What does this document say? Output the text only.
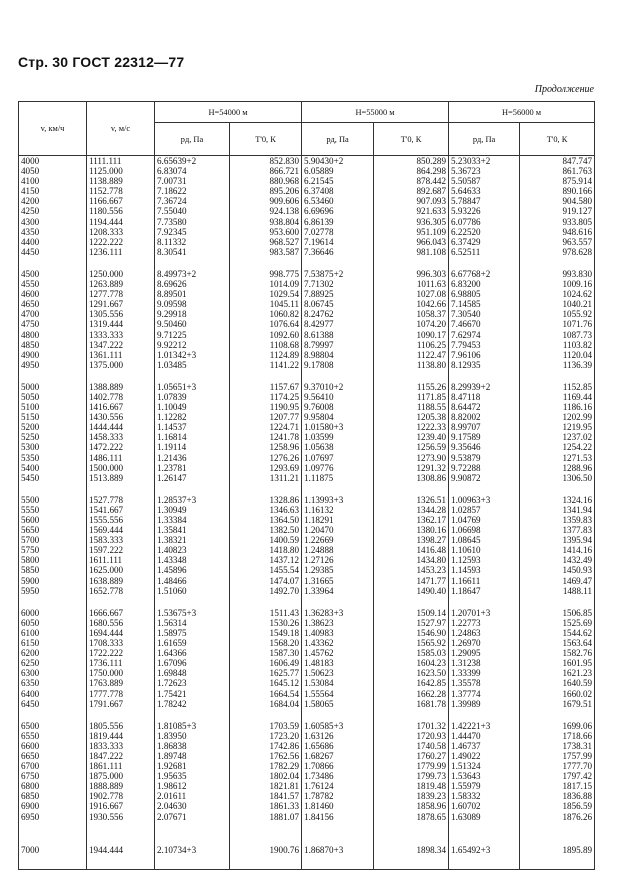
Стр. 30 ГОСТ 22312—77
Продолжение
v, км/ч	v, м/с	H=54000 м		H=55000 м		H=56000 м	
		pд, Па	T'0, К	pд, Па	T'0, К	pд, Па	T'0, К
4000	1111.111	6.65639+2	852.830	5.90430+2	850.289	5.23033+2	847.747
4050	1125.000	6.83074	866.721	6.05889	864.298	5.36723	861.763
4100	1138.889	7.00731	880.968	6.21545	878.442	5.50587	875.914
4150	1152.778	7.18622	895.206	6.37408	892.687	5.64633	890.166
4200	1166.667	7.36724	909.606	6.53460	907.093	5.78847	904.580
4250	1180.556	7.55040	924.138	6.69696	921.633	5.93226	919.127
4300	1194.444	7.73580	938.804	6.86139	936.305	6.07786	933.805
4350	1208.333	7.92345	953.600	7.02778	951.109	6.22520	948.616
4400	1222.222	8.11332	968.527	7.19614	966.043	6.37429	963.557
4450	1236.111	8.30541	983.587	7.36646	981.108	6.52511	978.628

4500	1250.000	8.49973+2	998.775	7.53875+2	996.303	6.67768+2	993.830
4550	1263.889	8.69626	1014.09	7.71302	1011.63	6.83200	1009.16
4600	1277.778	8.89501	1029.54	7.88925	1027.08	6.98805	1024.62
4650	1291.667	9.09598	1045.11	8.06745	1042.66	7.14585	1040.21
4700	1305.556	9.29918	1060.82	8.24762	1058.37	7.30540	1055.92
4750	1319.444	9.50460	1076.64	8.42977	1074.20	7.46670	1071.76
4800	1333.333	9.71225	1092.60	8.61388	1090.17	7.62974	1087.73
4850	1347.222	9.92212	1108.68	8.79997	1106.25	7.79453	1103.82
4900	1361.111	1.01342+3	1124.89	8.98804	1122.47	7.96106	1120.04
4950	1375.000	1.03485	1141.22	9.17808	1138.80	8.12935	1136.39

5000	1388.889	1.05651+3	1157.67	9.37010+2	1155.26	8.29939+2	1152.85
5050	1402.778	1.07839	1174.25	9.56410	1171.85	8.47118	1169.44
5100	1416.667	1.10049	1190.95	9.76008	1188.55	8.64472	1186.16
5150	1430.556	1.12282	1207.77	9.95804	1205.38	8.82002	1202.99
5200	1444.444	1.14537	1224.71	1.01580+3	1222.33	8.99707	1219.95
5250	1458.333	1.16814	1241.78	1.03599	1239.40	9.17589	1237.02
5300	1472.222	1.19114	1258.96	1.05638	1256.59	9.35646	1254.22
5350	1486.111	1.21436	1276.26	1.07697	1273.90	9.53879	1271.53
5400	1500.000	1.23781	1293.69	1.09776	1291.32	9.72288	1288.96
5450	1513.889	1.26147	1311.21	1.11875	1308.86	9.90872	1306.50

5500	1527.778	1.28537+3	1328.86	1.13993+3	1326.51	1.00963+3	1324.16
5550	1541.667	1.30949	1346.63	1.16132	1344.28	1.02857	1341.94
5600	1555.556	1.33384	1364.50	1.18291	1362.17	1.04769	1359.83
5650	1569.444	1.35841	1382.50	1.20470	1380.16	1.06698	1377.83
5700	1583.333	1.38321	1400.59	1.22669	1398.27	1.08645	1395.94
5750	1597.222	1.40823	1418.80	1.24888	1416.48	1.10610	1414.16
5800	1611.111	1.43348	1437.12	1.27126	1434.80	1.12593	1432.49
5850	1625.000	1.45896	1455.54	1.29385	1453.23	1.14593	1450.93
5900	1638.889	1.48466	1474.07	1.31665	1471.77	1.16611	1469.47
5950	1652.778	1.51060	1492.70	1.33964	1490.40	1.18647	1488.11

6000	1666.667	1.53675+3	1511.43	1.36283+3	1509.14	1.20701+3	1506.85
6050	1680.556	1.56314	1530.26	1.38623	1527.97	1.22773	1525.69
6100	1694.444	1.58975	1549.18	1.40983	1546.90	1.24863	1544.62
6150	1708.333	1.61659	1568.20	1.43362	1565.92	1.26970	1563.64
6200	1722.222	1.64366	1587.30	1.45762	1585.03	1.29095	1582.76
6250	1736.111	1.67096	1606.49	1.48183	1604.23	1.31238	1601.95
6300	1750.000	1.69848	1625.77	1.50623	1623.50	1.33399	1621.23
6350	1763.889	1.72623	1645.12	1.53084	1642.85	1.35578	1640.59
6400	1777.778	1.75421	1664.54	1.55564	1662.28	1.37774	1660.02
6450	1791.667	1.78242	1684.04	1.58065	1681.78	1.39989	1679.51

6500	1805.556	1.81085+3	1703.59	1.60585+3	1701.32	1.42221+3	1699.06
6550	1819.444	1.83950	1723.20	1.63126	1720.93	1.44470	1718.66
6600	1833.333	1.86838	1742.86	1.65686	1740.58	1.46737	1738.31
6650	1847.222	1.89748	1762.56	1.68267	1760.27	1.49022	1757.99
6700	1861.111	1.92681	1782.29	1.70866	1779.99	1.51324	1777.70
6750	1875.000	1.95635	1802.04	1.73486	1799.73	1.53643	1797.42
6800	1888.889	1.98612	1821.81	1.76124	1819.48	1.55979	1817.15
6850	1902.778	2.01611	1841.57	1.78782	1839.23	1.58332	1836.88
6900	1916.667	2.04630	1861.33	1.81460	1858.96	1.60702	1856.59
6950	1930.556	2.07671	1881.07	1.84156	1878.65	1.63089	1876.26

7000	1944.444	2.10734+3	1900.76	1.86870+3	1898.34	1.65492+3	1895.89
